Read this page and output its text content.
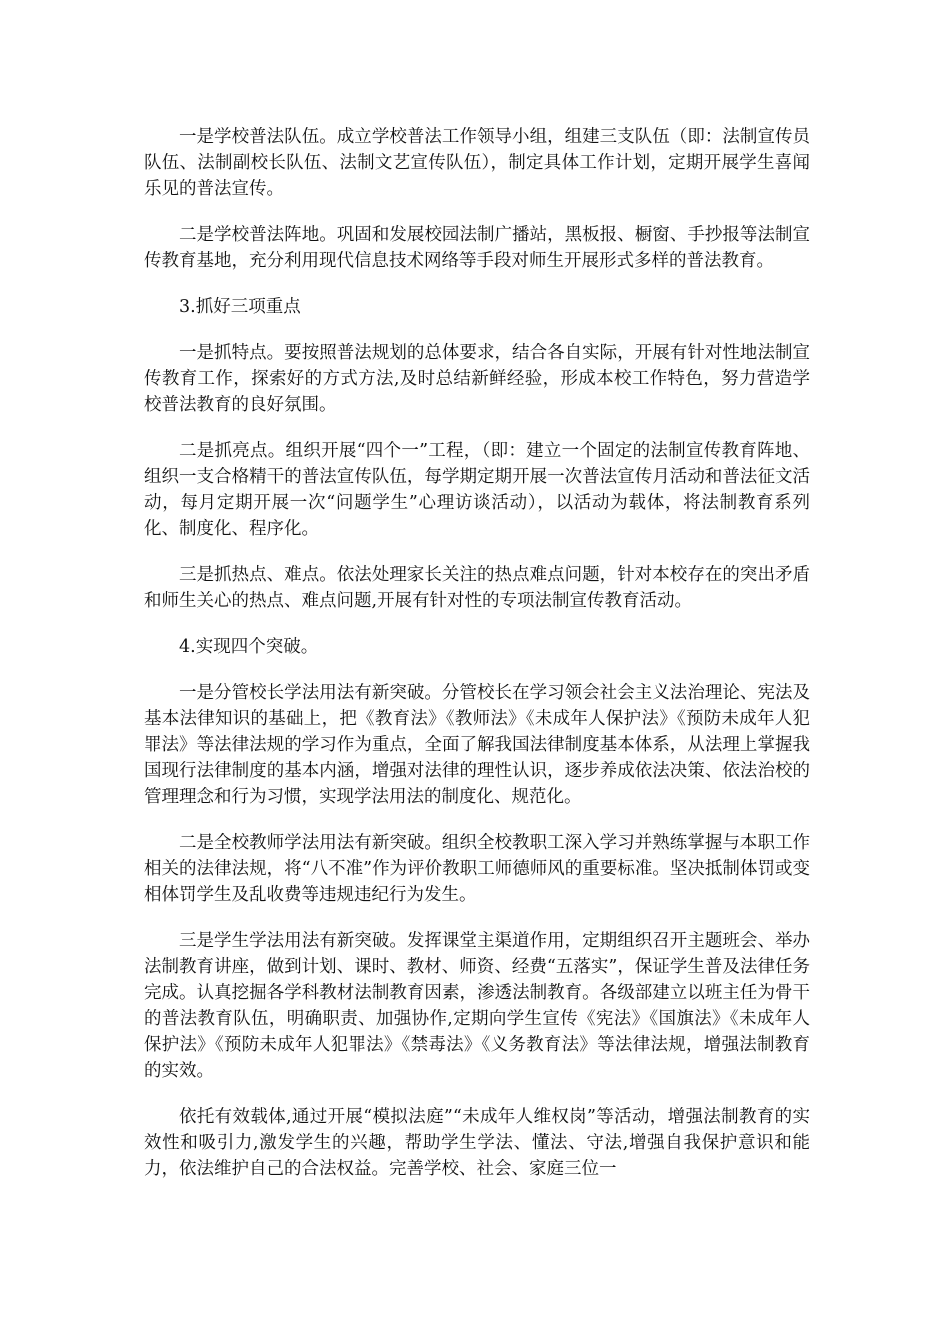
一是学校普法队伍。成立学校普法工作领导小组，组建三支队伍（即：法制宣传员队伍、法制副校长队伍、法制文艺宣传队伍），制定具体工作计划，定期开展学生喜闻乐见的普法宣传。

二是学校普法阵地。巩固和发展校园法制广播站，黑板报、橱窗、手抄报等法制宣传教育基地，充分利用现代信息技术网络等手段对师生开展形式多样的普法教育。

3.抓好三项重点

一是抓特点。要按照普法规划的总体要求，结合各自实际，开展有针对性地法制宣传教育工作，探索好的方式方法,及时总结新鲜经验，形成本校工作特色，努力营造学校普法教育的良好氛围。

二是抓亮点。组织开展“四个一”工程，（即：建立一个固定的法制宣传教育阵地、组织一支合格精干的普法宣传队伍，每学期定期开展一次普法宣传月活动和普法征文活动，每月定期开展一次“问题学生”心理访谈活动），以活动为载体，将法制教育系列化、制度化、程序化。

三是抓热点、难点。依法处理家长关注的热点难点问题，针对本校存在的突出矛盾和师生关心的热点、难点问题,开展有针对性的专项法制宣传教育活动。

4.实现四个突破。

一是分管校长学法用法有新突破。分管校长在学习领会社会主义法治理论、宪法及基本法律知识的基础上，把《教育法》《教师法》《未成年人保护法》《预防未成年人犯罪法》等法律法规的学习作为重点，全面了解我国法律制度基本体系，从法理上掌握我国现行法律制度的基本内涵，增强对法律的理性认识，逐步养成依法决策、依法治校的管理理念和行为习惯，实现学法用法的制度化、规范化。

二是全校教师学法用法有新突破。组织全校教职工深入学习并熟练掌握与本职工作相关的法律法规，将“八不准”作为评价教职工师德师风的重要标准。坚决抵制体罚或变相体罚学生及乱收费等违规违纪行为发生。

三是学生学法用法有新突破。发挥课堂主渠道作用，定期组织召开主题班会、举办法制教育讲座，做到计划、课时、教材、师资、经费“五落实”，保证学生普及法律任务完成。认真挖掘各学科教材法制教育因素，渗透法制教育。各级部建立以班主任为骨干的普法教育队伍，明确职责、加强协作,定期向学生宣传《宪法》《国旗法》《未成年人保护法》《预防未成年人犯罪法》《禁毒法》《义务教育法》等法律法规，增强法制教育的实效。

依托有效载体,通过开展“模拟法庭”“未成年人维权岗”等活动，增强法制教育的实效性和吸引力,激发学生的兴趣，帮助学生学法、懂法、守法,增强自我保护意识和能力，依法维护自己的合法权益。完善学校、社会、家庭三位一
